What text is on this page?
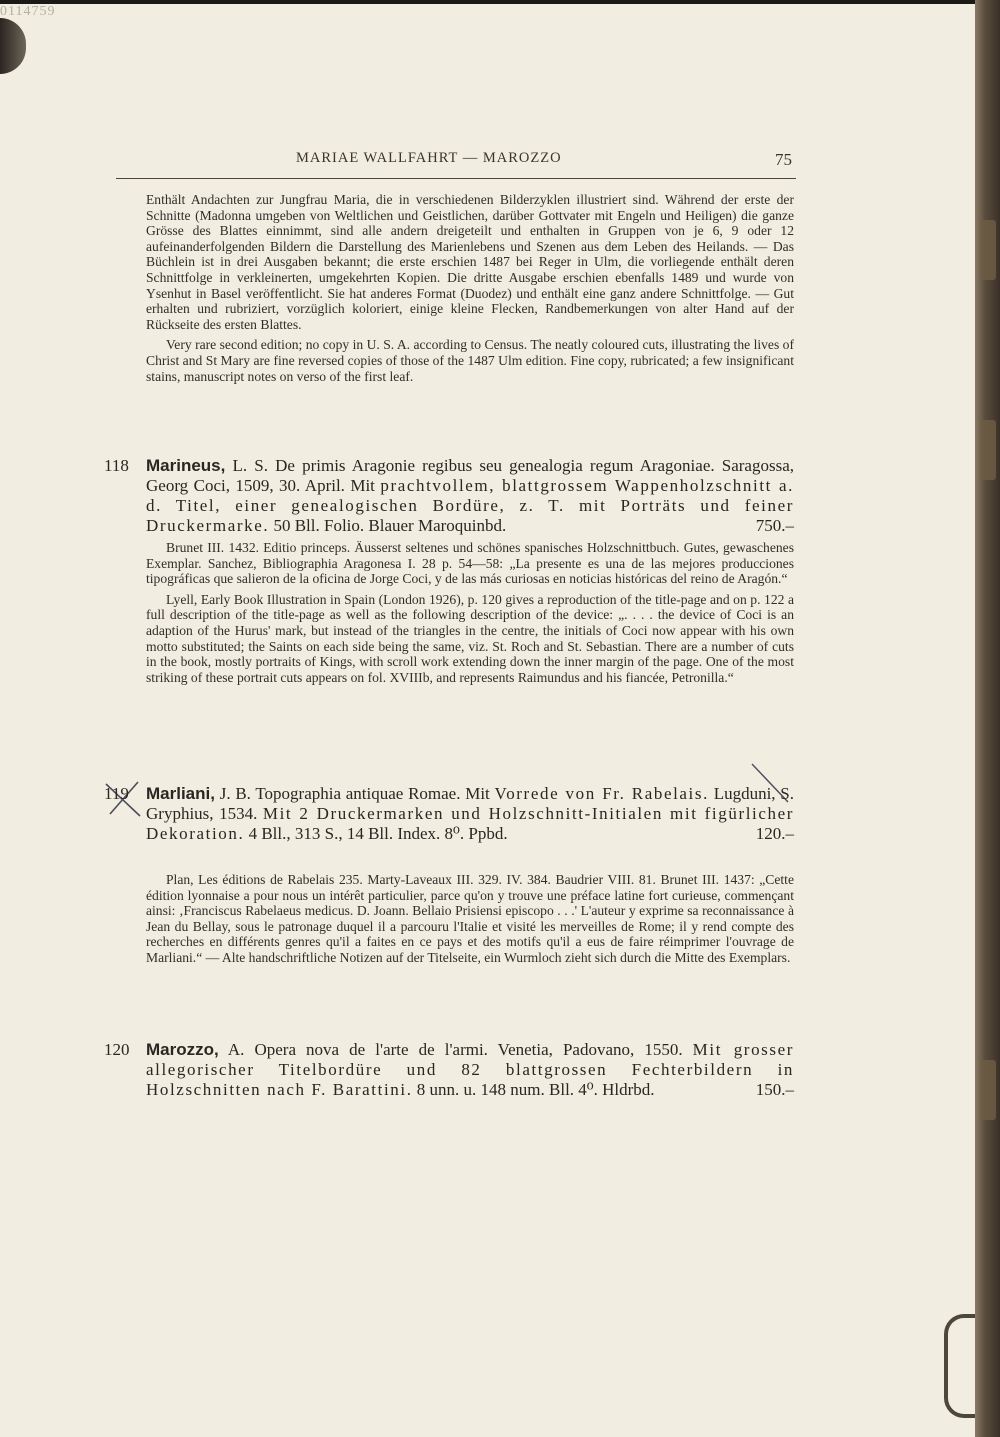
0114759
MARIAE WALLFAHRT — MAROZZO	75

Enthält Andachten zur Jungfrau Maria, die in verschiedenen Bilderzyklen illustriert sind. Während der erste der Schnitte (Madonna umgeben von Weltlichen und Geistlichen, darüber Gottvater mit Engeln und Heiligen) die ganze Grösse des Blattes einnimmt, sind alle andern dreigeteilt und enthalten in Gruppen von je 6, 9 oder 12 aufeinanderfolgenden Bildern die Darstellung des Marienlebens und Szenen aus dem Leben des Heilands. — Das Büchlein ist in drei Ausgaben bekannt; die erste erschien 1487 bei Reger in Ulm, die vorliegende enthält deren Schnittfolge in verkleinerten, umgekehrten Kopien. Die dritte Ausgabe erschien ebenfalls 1489 und wurde von Ysenhut in Basel veröffentlicht. Sie hat anderes Format (Duodez) und enthält eine ganz andere Schnittfolge. — Gut erhalten und rubriziert, vorzüglich koloriert, einige kleine Flecken, Randbemerkungen von alter Hand auf der Rückseite des ersten Blattes.

Very rare second edition; no copy in U. S. A. according to Census. The neatly coloured cuts, illustrating the lives of Christ and St Mary are fine reversed copies of those of the 1487 Ulm edition. Fine copy, rubricated; a few insignificant stains, manuscript notes on verso of the first leaf.

118 Marineus, L. S. De primis Aragonie regibus seu genealogia regum Aragoniae. Saragossa, Georg Coci, 1509, 30. April. Mit prachtvollem, blattgrossem Wappenholzschnitt a. d. Titel, einer genealogischen Bordüre, z. T. mit Porträts und feiner Druckermarke. 50 Bll. Folio. Blauer Maroquinbd.	750.–

Brunet III. 1432. Editio princeps. Äusserst seltenes und schönes spanisches Holzschnittbuch. Gutes, gewaschenes Exemplar. Sanchez, Bibliographia Aragonesa I. 28 p. 54—58: „La presente es una de las mejores producciones tipográficas que salieron de la oficina de Jorge Coci, y de las más curiosas en noticias históricas del reino de Aragón.“

Lyell, Early Book Illustration in Spain (London 1926), p. 120 gives a reproduction of the title-page and on p. 122 a full description of the title-page as well as the following description of the device: „. . . . the device of Coci is an adaption of the Hurus' mark, but instead of the triangles in the centre, the initials of Coci now appear with his own motto substituted; the Saints on each side being the same, viz. St. Roch and St. Sebastian. There are a number of cuts in the book, mostly portraits of Kings, with scroll work extending down the inner margin of the page. One of the most striking of these portrait cuts appears on fol. XVIIIb, and represents Raimundus and his fiancée, Petronilla.“

119 Marliani, J. B. Topographia antiquae Romae. Mit Vorrede von Fr. Rabelais. Lugduni, S. Gryphius, 1534. Mit 2 Druckermarken und Holzschnitt-Initialen mit figürlicher Dekoration. 4 Bll., 313 S., 14 Bll. Index. 8⁰. Ppbd.	120.–

Plan, Les éditions de Rabelais 235. Marty-Laveaux III. 329. IV. 384. Baudrier VIII. 81. Brunet III. 1437: „Cette édition lyonnaise a pour nous un intérêt particulier, parce qu'on y trouve une préface latine fort curieuse, commençant ainsi: ‚Franciscus Rabelaeus medicus. D. Joann. Bellaio Prisiensi episcopo . . .' L'auteur y exprime sa reconnaissance à Jean du Bellay, sous le patronage duquel il a parcouru l'Italie et visité les merveilles de Rome; il y rend compte des recherches en différents genres qu'il a faites en ce pays et des motifs qu'il a eus de faire réimprimer l'ouvrage de Marliani.“ — Alte handschriftliche Notizen auf der Titelseite, ein Wurmloch zieht sich durch die Mitte des Exemplars.

120 Marozzo, A. Opera nova de l'arte de l'armi. Venetia, Padovano, 1550. Mit grosser allegorischer Titelbordüre und 82 blattgrossen Fechterbildern in Holzschnitten nach F. Barattini. 8 unn. u. 148 num. Bll. 4⁰. Hldrbd.	150.–
